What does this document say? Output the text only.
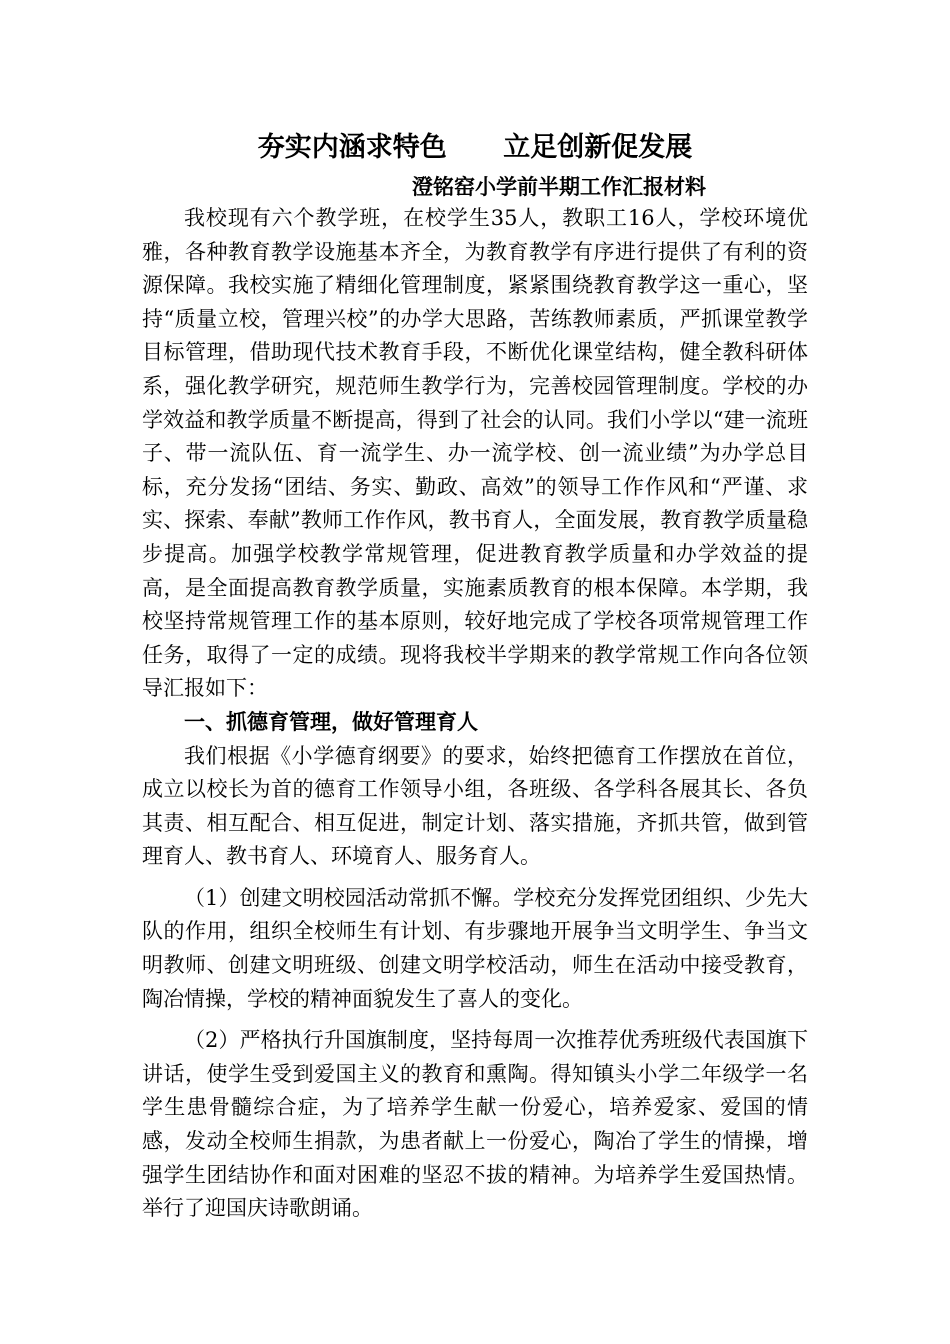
夯实内涵求特色      立足创新促发展
澄铭窑小学前半期工作汇报材料

我校现有六个教学班，在校学生35人，教职工16人，学校环境优雅，各种教育教学设施基本齐全，为教育教学有序进行提供了有利的资源保障。我校实施了精细化管理制度，紧紧围绕教育教学这一重心，坚持“质量立校，管理兴校”的办学大思路，苦练教师素质，严抓课堂教学目标管理，借助现代技术教育手段，不断优化课堂结构，健全教科研体系，强化教学研究，规范师生教学行为，完善校园管理制度。学校的办学效益和教学质量不断提高，得到了社会的认同。我们小学以“建一流班子、带一流队伍、育一流学生、办一流学校、创一流业绩”为办学总目标，充分发扬“团结、务实、勤政、高效”的领导工作作风和“严谨、求实、探索、奉献”教师工作作风，教书育人，全面发展，教育教学质量稳步提高。加强学校教学常规管理，促进教育教学质量和办学效益的提高，是全面提高教育教学质量，实施素质教育的根本保障。本学期，我校坚持常规管理工作的基本原则，较好地完成了学校各项常规管理工作任务，取得了一定的成绩。现将我校半学期来的教学常规工作向各位领导汇报如下：

一、抓德育管理，做好管理育人

我们根据《小学德育纲要》的要求，始终把德育工作摆放在首位，成立以校长为首的德育工作领导小组，各班级、各学科各展其长、各负其责、相互配合、相互促进，制定计划、落实措施，齐抓共管，做到管理育人、教书育人、环境育人、服务育人。

（1）创建文明校园活动常抓不懈。学校充分发挥党团组织、少先大队的作用，组织全校师生有计划、有步骤地开展争当文明学生、争当文明教师、创建文明班级、创建文明学校活动，师生在活动中接受教育，陶冶情操，学校的精神面貌发生了喜人的变化。

（2）严格执行升国旗制度，坚持每周一次推荐优秀班级代表国旗下讲话，使学生受到爱国主义的教育和熏陶。得知镇头小学二年级学一名学生患骨髓综合症，为了培养学生献一份爱心，培养爱家、爱国的情感，发动全校师生捐款，为患者献上一份爱心，陶冶了学生的情操，增强学生团结协作和面对困难的坚忍不拔的精神。为培养学生爱国热情。举行了迎国庆诗歌朗诵。
